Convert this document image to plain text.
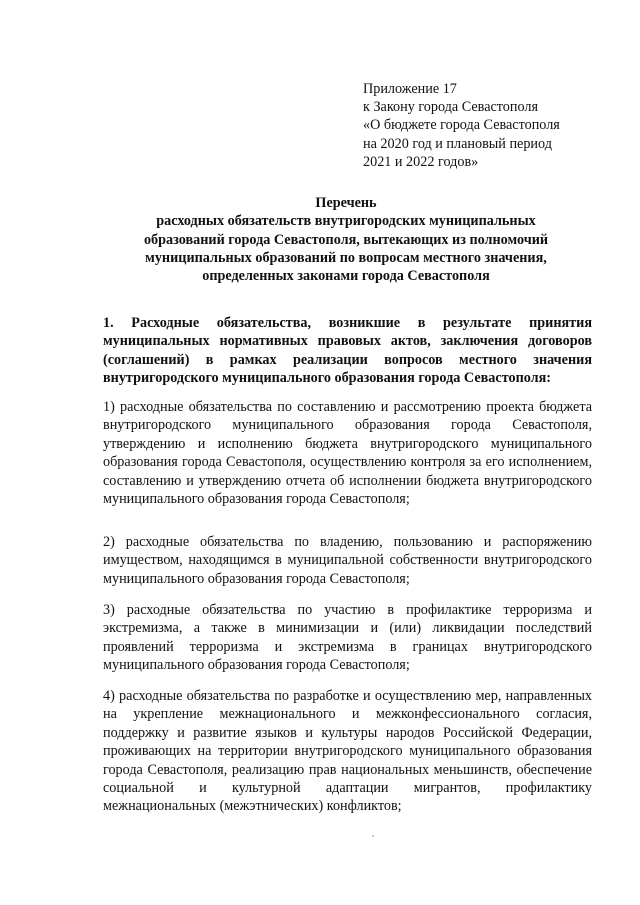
Приложение 17
к Закону города Севастополя
«О бюджете города Севастополя
на 2020 год и плановый период
2021 и 2022 годов»
Перечень
расходных обязательств внутригородских муниципальных
образований города Севастополя, вытекающих из полномочий
муниципальных образований по вопросам местного значения,
определенных законами города Севастополя
1. Расходные обязательства, возникшие в результате принятия муниципальных нормативных правовых актов, заключения договоров (соглашений) в рамках реализации вопросов местного значения внутригородского муниципального образования города Севастополя:
1) расходные обязательства по составлению и рассмотрению проекта бюджета внутригородского муниципального образования города Севастополя, утверждению и исполнению бюджета внутригородского муниципального образования города Севастополя, осуществлению контроля за его исполнением, составлению и утверждению отчета об исполнении бюджета внутригородского муниципального образования города Севастополя;
2) расходные обязательства по владению, пользованию и распоряжению имуществом, находящимся в муниципальной собственности внутригородского муниципального образования города Севастополя;
3) расходные обязательства по участию в профилактике терроризма и экстремизма, а также в минимизации и (или) ликвидации последствий проявлений терроризма и экстремизма в границах внутригородского муниципального образования города Севастополя;
4) расходные обязательства по разработке и осуществлению мер, направленных на укрепление межнационального и межконфессионального согласия, поддержку и развитие языков и культуры народов Российской Федерации, проживающих на территории внутригородского муниципального образования города Севастополя, реализацию прав национальных меньшинств, обеспечение социальной и культурной адаптации мигрантов, профилактику межнациональных (межэтнических) конфликтов;
